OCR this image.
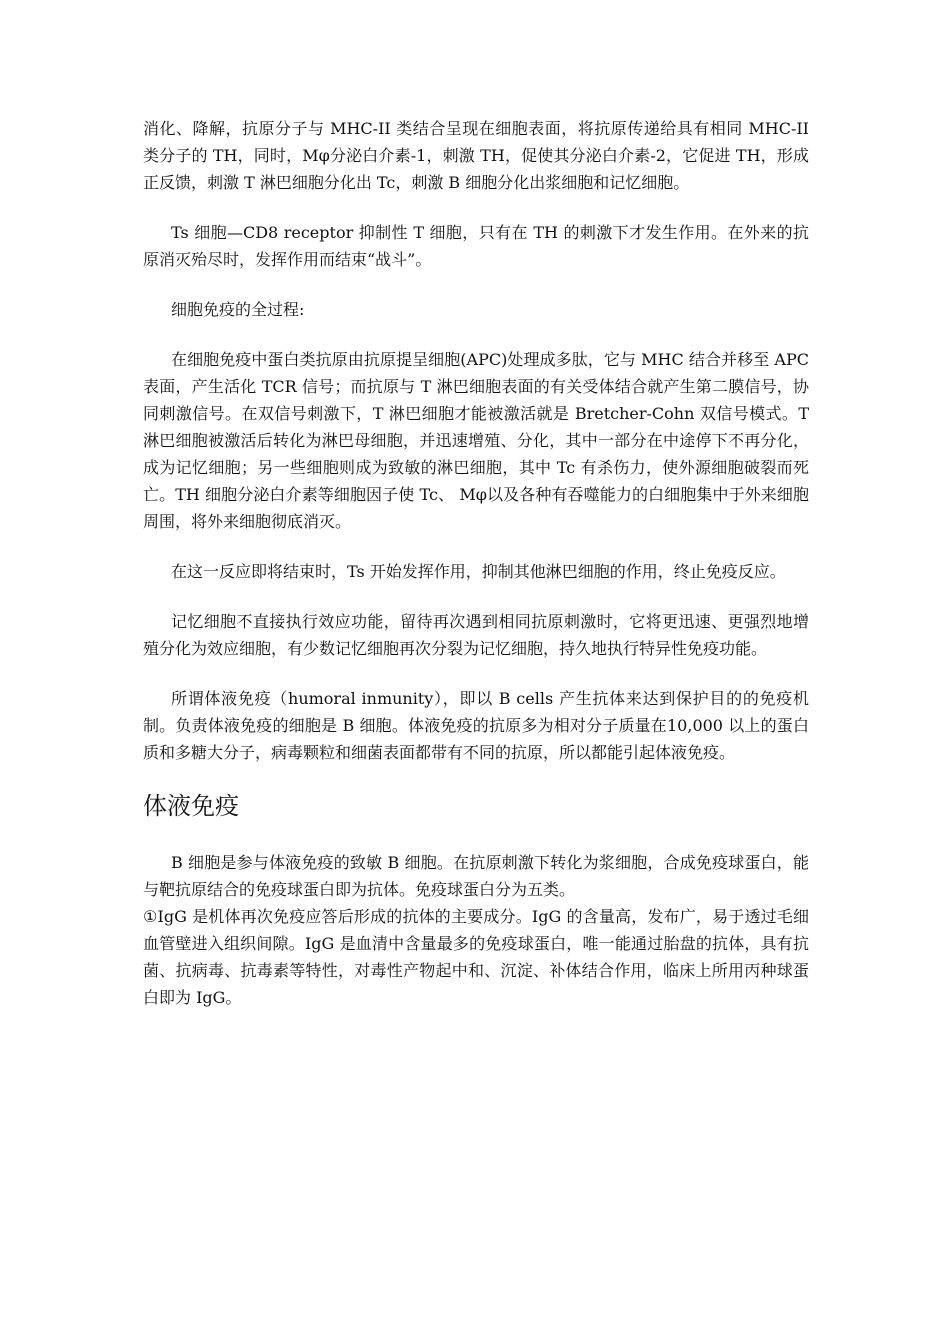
消化、降解，抗原分子与 MHC-II 类结合呈现在细胞表面，将抗原传递给具有相同 MHC-II 类分子的 TH，同时，Mφ分泌白介素-1，刺激 TH，促使其分泌白介素-2，它促进 TH，形成正反馈，刺激 T 淋巴细胞分化出 Tc，刺激 B 细胞分化出浆细胞和记忆细胞。

Ts 细胞—CD8 receptor 抑制性 T 细胞，只有在 TH 的刺激下才发生作用。在外来的抗原消灭殆尽时，发挥作用而结束“战斗”。

细胞免疫的全过程:

在细胞免疫中蛋白类抗原由抗原提呈细胞(APC)处理成多肽，它与 MHC 结合并移至 APC 表面，产生活化 TCR 信号；而抗原与 T 淋巴细胞表面的有关受体结合就产生第二膜信号，协同刺激信号。在双信号刺激下，T 淋巴细胞才能被激活就是 Bretcher-Cohn 双信号模式。T 淋巴细胞被激活后转化为淋巴母细胞，并迅速增殖、分化，其中一部分在中途停下不再分化，成为记忆细胞；另一些细胞则成为致敏的淋巴细胞，其中 Tc 有杀伤力，使外源细胞破裂而死亡。TH 细胞分泌白介素等细胞因子使 Tc、 Mφ以及各种有吞噬能力的白细胞集中于外来细胞周围，将外来细胞彻底消灭。

在这一反应即将结束时，Ts 开始发挥作用，抑制其他淋巴细胞的作用，终止免疫反应。

记忆细胞不直接执行效应功能，留待再次遇到相同抗原刺激时，它将更迅速、更强烈地增殖分化为效应细胞，有少数记忆细胞再次分裂为记忆细胞，持久地执行特异性免疫功能。

所谓体液免疫（humoral inmunity），即以 B cells 产生抗体来达到保护目的的免疫机制。负责体液免疫的细胞是 B 细胞。体液免疫的抗原多为相对分子质量在10,000 以上的蛋白质和多糖大分子，病毒颗粒和细菌表面都带有不同的抗原，所以都能引起体液免疫。

体液免疫

B 细胞是参与体液免疫的致敏 B 细胞。在抗原刺激下转化为浆细胞，合成免疫球蛋白，能与靶抗原结合的免疫球蛋白即为抗体。免疫球蛋白分为五类。

①IgG 是机体再次免疫应答后形成的抗体的主要成分。IgG 的含量高，发布广，易于透过毛细血管壁进入组织间隙。IgG 是血清中含量最多的免疫球蛋白，唯一能通过胎盘的抗体，具有抗菌、抗病毒、抗毒素等特性，对毒性产物起中和、沉淀、补体结合作用，临床上所用丙种球蛋白即为 IgG。
